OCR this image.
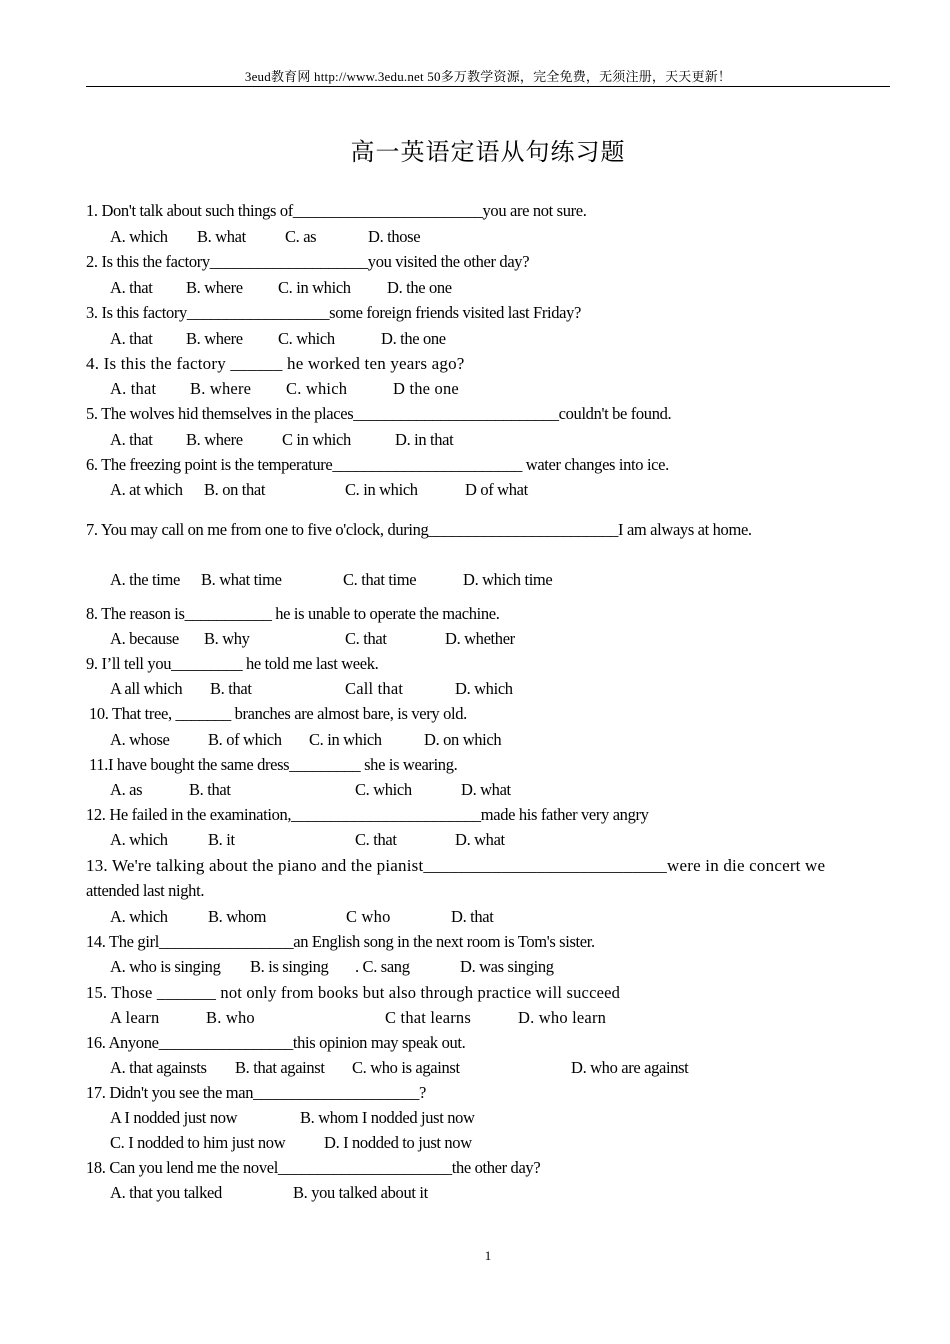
3eud教育网 http://www.3edu.net 50多万教学资源，完全免费，无须注册，天天更新！
高一英语定语从句练习题
1. Don't talk about such things of________________________you are not sure.
A. which B. what C. as	D. those
2. Is this the factory____________________you visited the other day?
A. that B. where C. in which D. the one
3. Is this factory__________________some foreign friends visited last Friday?
A. that B. where C. which	D. the one
4. Is this the factory ______ he worked ten years ago?
A. that B. where C. which	D the one
5. The wolves hid themselves in the places__________________________couldn't be found.
A. that B. where C in which	D. in that
6. The freezing point is the temperature________________________ water changes into ice.
A. at which B. on that	C. in which	D of what
7. You may call on me from one to five o'clock, during________________________I am always at home.
A. the time B. what time	C. that time	D. which time
8. The reason is___________ he is unable to operate the machine.
A. because B. why	C. that	D. whether
9. I’ll tell you_________ he told me last week.
A all which B. that	Call that	D. which
10. That tree, _______ branches are almost bare, is very old.
A. whose B. of which C. in which	D. on which
11.I have bought the same dress_________ she is wearing.
A. as	B. that	C. which	D. what
12. He failed in the examination,________________________made his father very angry
A. which B. it	C. that	D. what
13. We're talking about the piano and the pianist____________________________were in die concert we
attended last night.
A. which B. whom	C who	D. that
14. The girl_________________an English song in the next room is Tom's sister.
A. who is singing B. is singing . C. sang	D. was singing
15. Those _______ not only from books but also through practice will succeed
A learn	B. who	C that learns	D. who learn
16. Anyone_________________this opinion may speak out.
A. that againsts B. that against C. who is against	D. who are against
17. Didn't you see the man_____________________?
A I nodded just now	B. whom I nodded just now
C. I nodded to him just now D. I nodded to just now
18. Can you lend me the novel______________________the other day?
A. that you talked	B. you talked about it
1
